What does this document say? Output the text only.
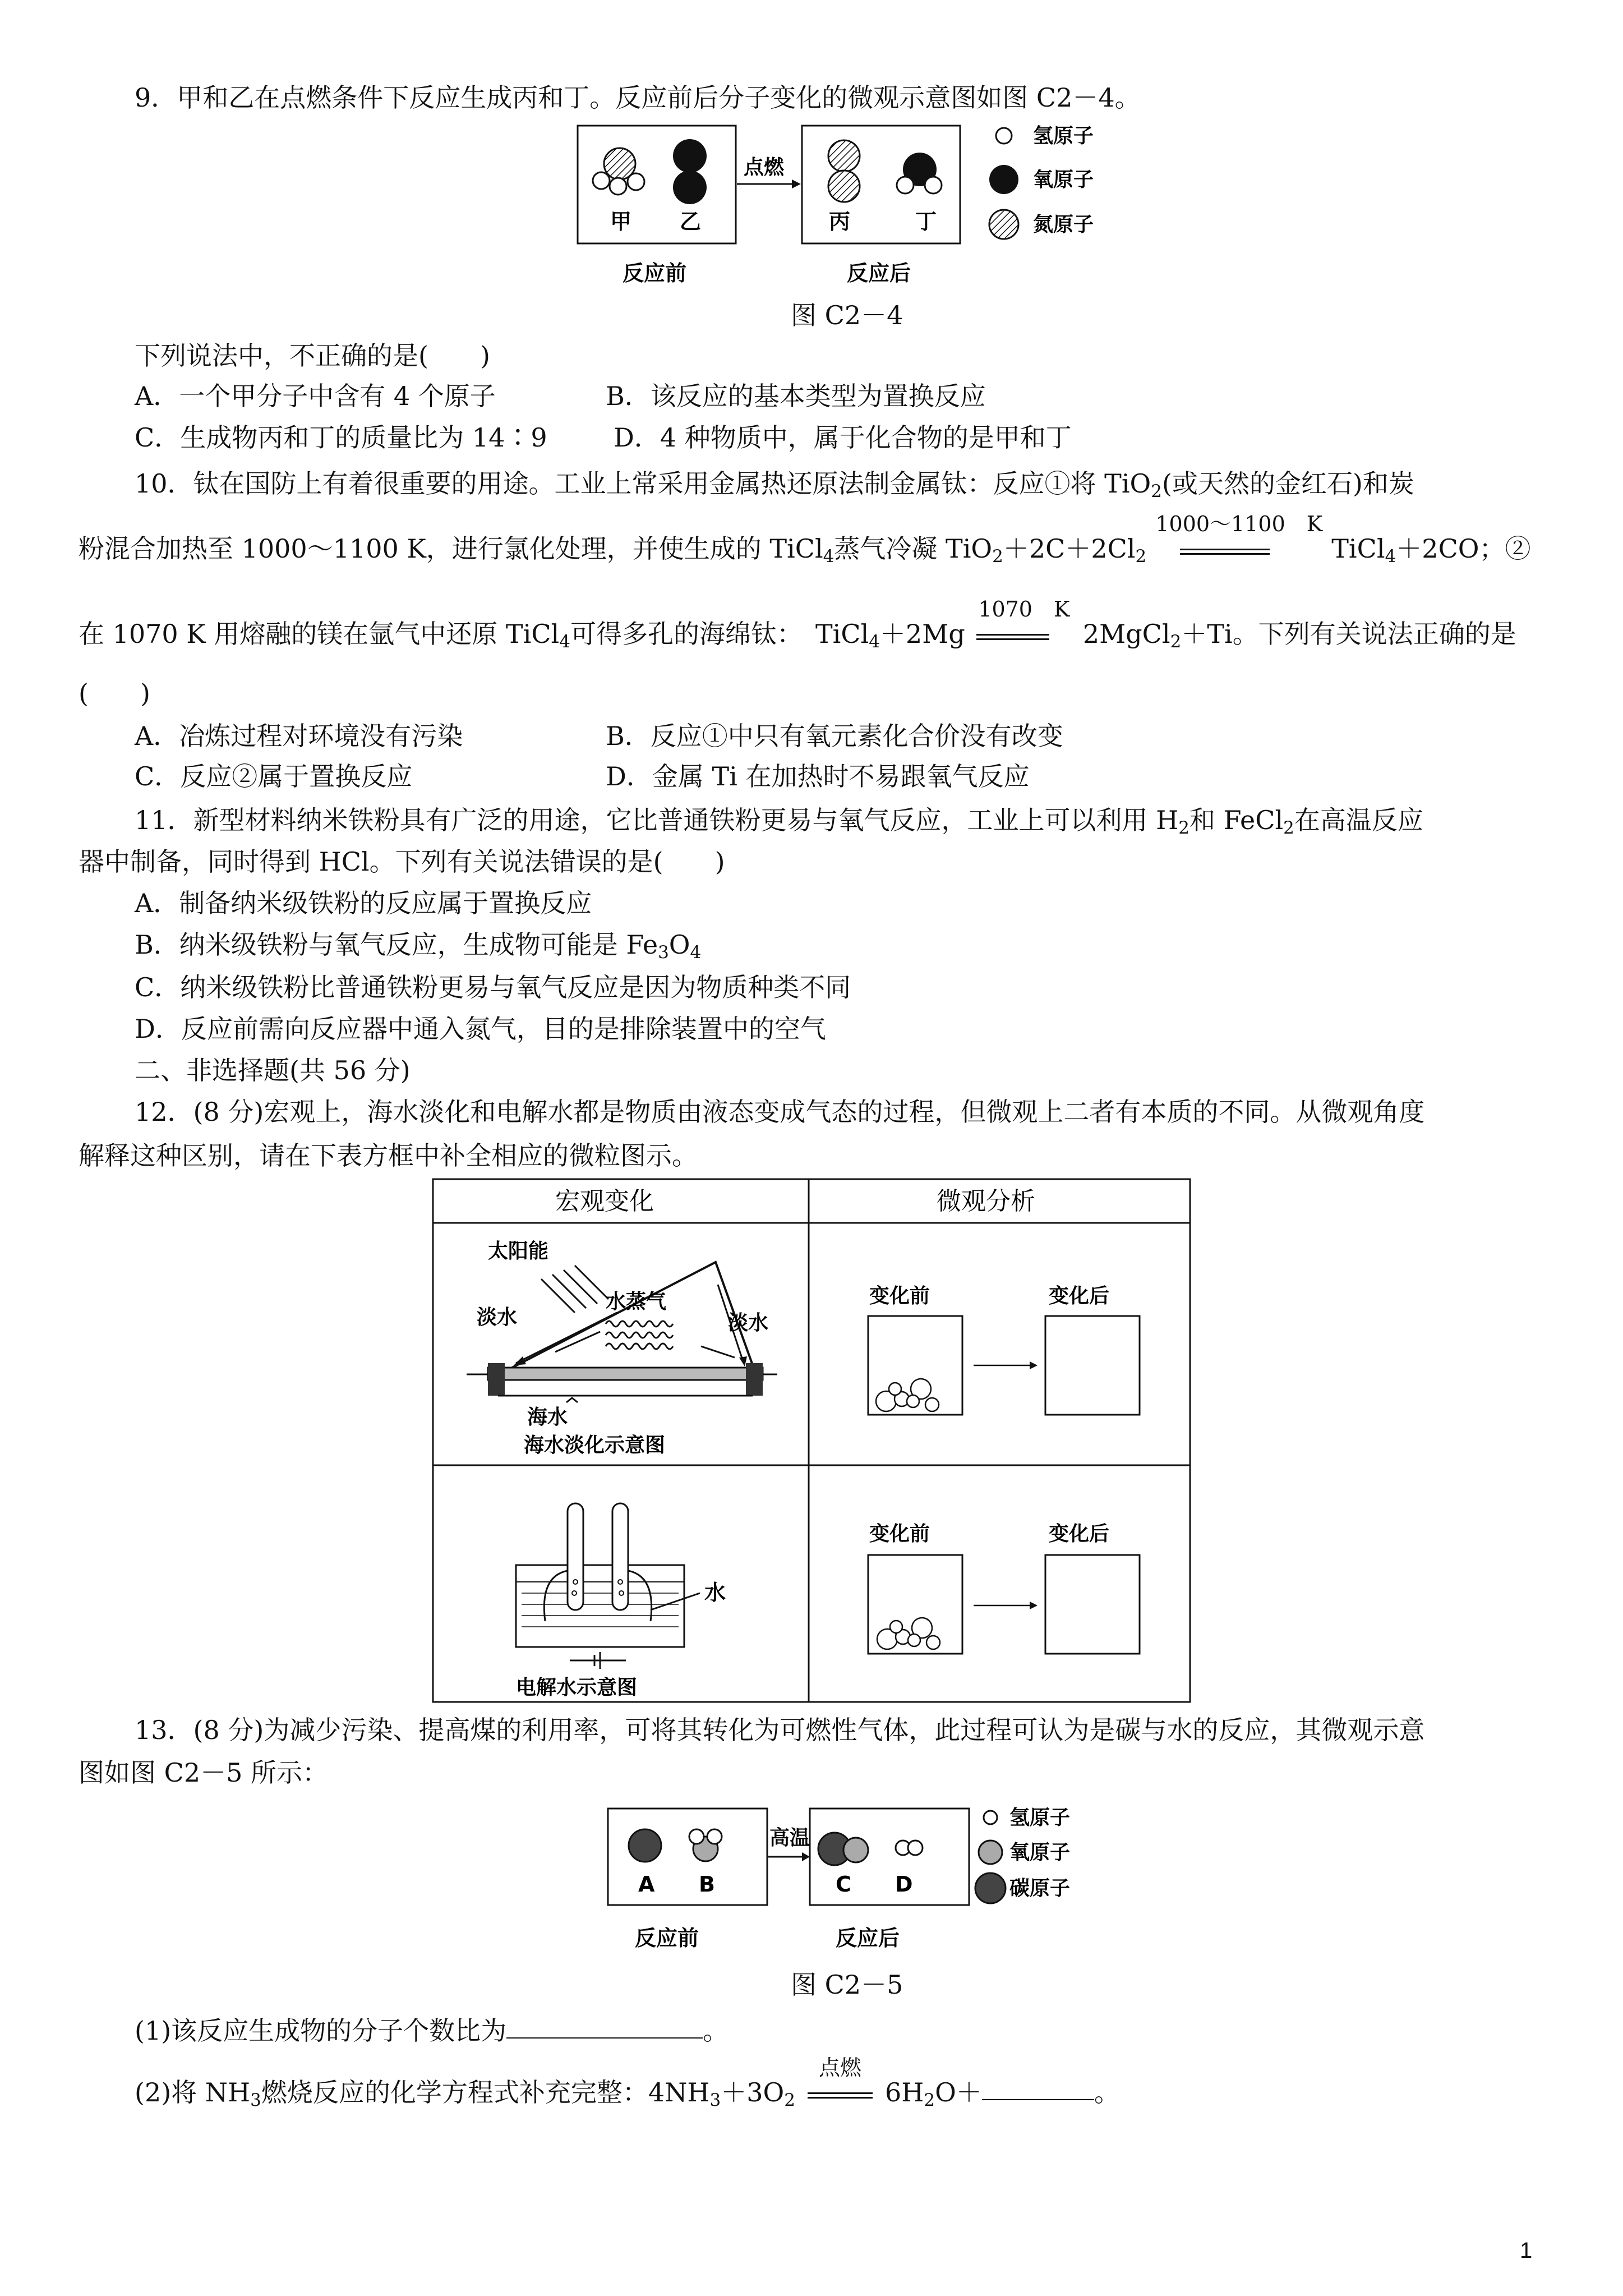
9．甲和乙在点燃条件下反应生成丙和丁。反应前后分子变化的微观示意图如图 C2－4。
甲 乙
点燃
丙	丁
反应前	反应后
氢原子
氧原子
氮原子
图 C2－4
下列说法中，不正确的是(　　)
A．一个甲分子中含有 4 个原子	B．该反应的基本类型为置换反应
C．生成物丙和丁的质量比为 14∶9	D．4 种物质中，属于化合物的是甲和丁
10．钛在国防上有着很重要的用途。工业上常采用金属热还原法制金属钛：反应①将 TiO$_2$(或天然的金红石)和炭
粉混合加热至 1000～1100 K，进行氯化处理，并使生成的 TiCl$_4$蒸气冷凝 $TiO_2+2C+2Cl_2$
1000～1100　K
TiCl$_4$＋2CO；②
在 1070 K 用熔融的镁在氩气中还原 TiCl$_4$可得多孔的海绵钛：　TiCl$_4$＋2Mg
1070　K
2MgCl$_2$＋Ti。下列有关说法正确的是
(　　)
A．冶炼过程对环境没有污染	B．反应①中只有氧元素化合价没有改变
C．反应②属于置换反应	D．金属 Ti 在加热时不易跟氧气反应
11．新型材料纳米铁粉具有广泛的用途，它比普通铁粉更易与氧气反应，工业上可以利用 $H_2$和 FeCl$_2$在高温反应
器中制备，同时得到 HCl。下列有关说法错误的是(　　)
A．制备纳米级铁粉的反应属于置换反应
B．纳米级铁粉与氧气反应，生成物可能是 $Fe_3O_4$
C．纳米级铁粉比普通铁粉更易与氧气反应是因为物质种类不同
D．反应前需向反应器中通入氮气，目的是排除装置中的空气
二、非选择题(共 56 分)
12．(8 分)宏观上，海水淡化和电解水都是物质由液态变成气态的过程，但微观上二者有本质的不同。从微观角度
解释这种区别，请在下表方框中补全相应的微粒图示。
宏观变化	微观分析
太阳能
水蒸气
淡水	淡水
海水
海水淡化示意图
水
电解水示意图
变化前	变化后
变化前	变化后
13．(8 分)为减少污染、提高煤的利用率，可将其转化为可燃性气体，此过程可认为是碳与水的反应，其微观示意
图如图 C2－5 所示：
A B
高温
C D
反应前	反应后
氢原子
氧原子
碳原子
图 C2－5
(1)该反应生成物的分子个数比为	。
(2)将 $NH_3$燃烧反应的化学方程式补充完整：$4NH_3+3O_2$
点燃
$6H_2O+$	。
1
